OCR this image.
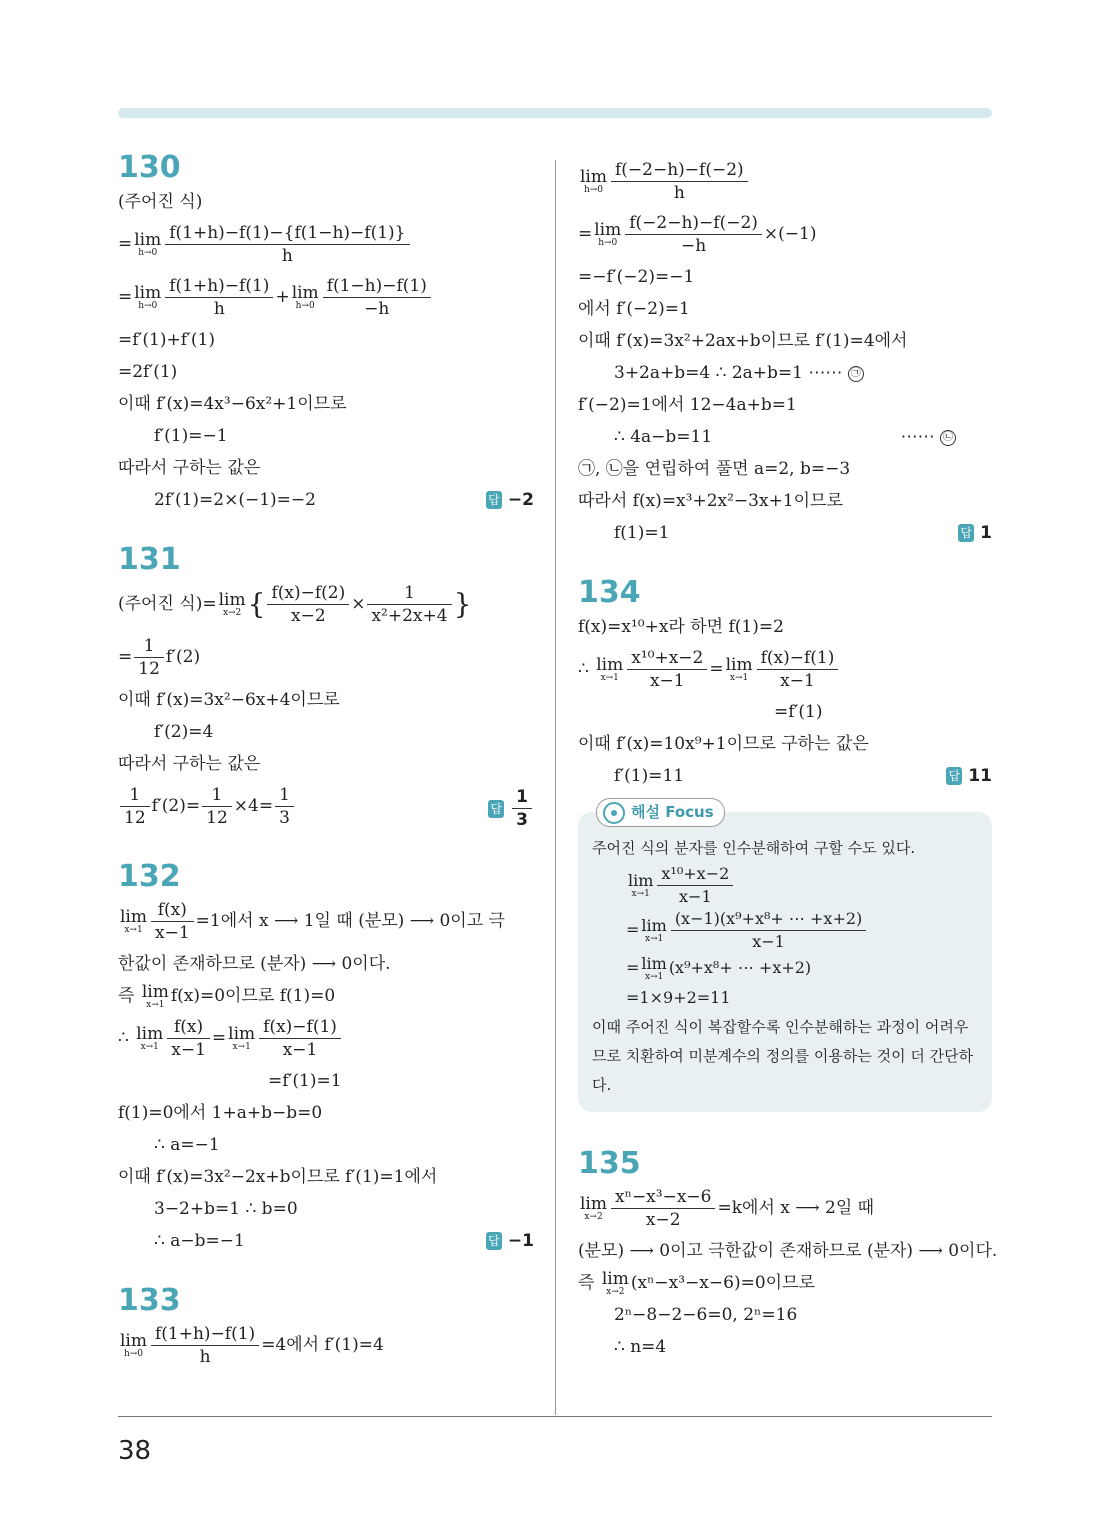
130
(주어진 식)
= lim
$h\to 0 \frac{f(1+h)-f(1)-\{f(1-h)-f(1)\}}{h}$
= lim
$h\to 0 \frac{f(1+h)-f(1)}{h} + \lim$
$h\to 0 \frac{f(1-h)-f(1)}{-h}$
=f′(1)+f′(1)
=2f′(1)
이때 f′(x)=4x³−6x²+1이므로
f′(1)=−1
따라서 구하는 값은
2f′(1)=2×(−1)=−2	답 −2
131
(주어진 식)= lim
x→2 { $\frac{f(x)-f(2)}{x-2} \times \frac{1}{\text{x²+2x+4}}$ }
= $\frac{1}{12} f'(2)$
이때 f′(x)=3x²−6x+4이므로
f′(2)=4
따라서 구하는 값은
$\frac{1}{12} f'(2)= \frac{1}{12} \times 4= \frac{1}{3}$	답 $\frac{1}{3}$
132
lim
$x\to 1 \frac{f(x)}{x-1} =1$에서 x ⟶ 1일 때 (분모) ⟶ 0이고 극
한값이 존재하므로 (분자) ⟶ 0이다.
즉 lim
x→1 f(x)=0이므로 f(1)=0
∴ lim
$x\to 1 \frac{f(x)}{x-1} = \lim$
$x\to 1 \frac{f(x)-f(1)}{x-1}$
=f′(1)=1
f(1)=0에서 1+a+b−b=0
∴ a=−1
이때 f′(x)=3x²−2x+b이므로 f′(1)=1에서
3−2+b=1 ∴ b=0
∴ a−b=−1	답 −1
133
lim
$h\to 0 \frac{f(1+h)-f(1)}{h} =4$에서 f′(1)=4
lim
$h\to 0 \frac{f(-2-h)-f(-2)}{h}$
= lim
$h\to 0 \frac{f(-2-h)-f(-2)}{-h} \times(-1)$
=−f′(−2)=−1
에서 f′(−2)=1
이때 f′(x)=3x²+2ax+b이므로 f′(1)=4에서
3+2a+b=4 ∴ 2a+b=1 ⋯⋯ ㉠
f′(−2)=1에서 12−4a+b=1
∴ 4a−b=11	⋯⋯ ㉡
㉠, ㉡을 연립하여 풀면 a=2, b=−3
따라서 f(x)=x³+2x²−3x+1이므로
f(1)=1	답 1
134
f(x)=x¹⁰+x라 하면 f(1)=2
∴ lim
$x\to 1 \frac{\text{x¹⁰+x−2}}{x-1} = \lim$
$x\to 1 \frac{f(x)-f(1)}{x-1}$
=f′(1)
이때 f′(x)=10x⁹+1이므로 구하는 값은
f′(1)=11	답 11
해설 Focus
주어진 식의 분자를 인수분해하여 구할 수도 있다.
lim
$x\to 1 \frac{\text{x¹⁰+x−2}}{x-1}$
= lim
$x\to 1 \frac{\text{(x−1)(x⁹+x⁸+ ⋯ +x+2)}}{x-1}$
= lim
x→1 (x⁹+x⁸+ ⋯ +x+2)
=1×9+2=11
이때 주어진 식이 복잡할수록 인수분해하는 과정이 어려우므로 치환하여 미분계수의 정의를 이용하는 것이 더 간단하다.
135
lim
$x\to 2 \frac{\text{xⁿ−x³−x−6}}{x-2} =k$에서 x ⟶ 2일 때
(분모) ⟶ 0이고 극한값이 존재하므로 (분자) ⟶ 0이다.
즉 lim
x→2 (xⁿ−x³−x−6)=0이므로
2ⁿ−8−2−6=0, 2ⁿ=16
∴ n=4
38
